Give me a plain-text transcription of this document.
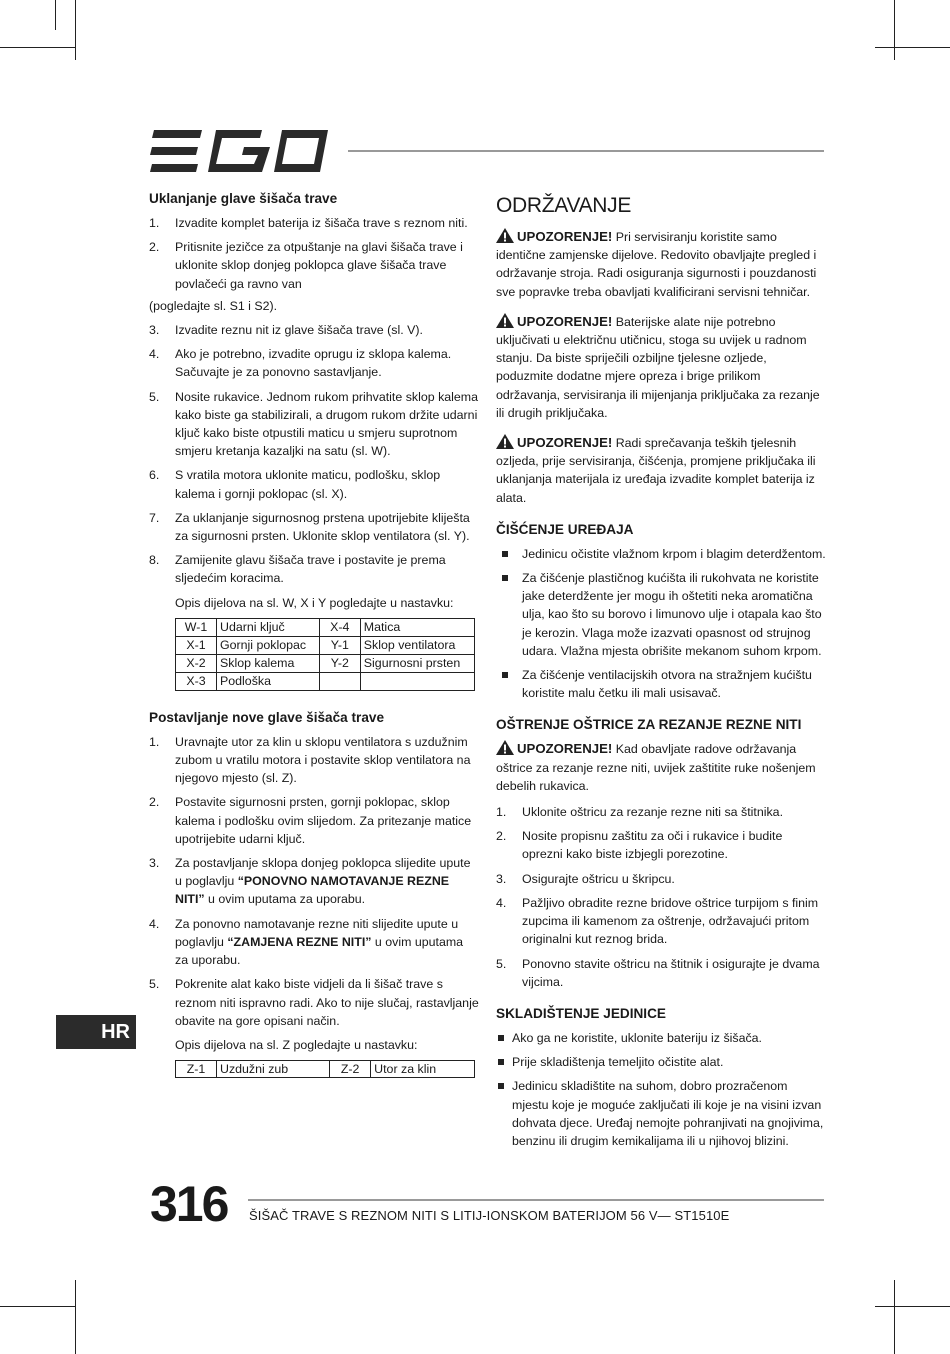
Uklanjanje glave šišača trave
1. Izvadite komplet baterija iz šišača trave s reznom niti.
2. Pritisnite jezičce za otpuštanje na glavi šišača trave i uklonite sklop donjeg poklopca glave šišača trave povlačeći ga ravno van

(pogledajte sl. S1 i S2).

3. Izvadite reznu nit iz glave šišača trave (sl. V).
4. Ako je potrebno, izvadite oprugu iz sklopa kalema. Sačuvajte je za ponovno sastavljanje.
5. Nosite rukavice. Jednom rukom prihvatite sklop kalema kako biste ga stabilizirali, a drugom rukom držite udarni ključ kako biste otpustili maticu u smjeru suprotnom smjeru kretanja kazaljki na satu (sl. W).
6. S vratila motora uklonite maticu, podlošku, sklop kalema i gornji poklopac (sl. X).
7. Za uklanjanje sigurnosnog prstena upotrijebite kliješta za sigurnosni prsten. Uklonite sklop ventilatora (sl. Y).
8. Zamijenite glavu šišača trave i postavite je prema sljedećim koracima.

Opis dijelova na sl. W, X i Y pogledajte u nastavku:

W-1	Udarni ključ	X-4	Matica
X-1	Gornji poklopac	Y-1	Sklop ventilatora
X-2	Sklop kalema	Y-2	Sigurnosni prsten
X-3	Podloška		
Postavljanje nove glave šišača trave
1. Uravnajte utor za klin u sklopu ventilatora s uzdužnim zubom u vratilu motora i postavite sklop ventilatora na njegovo mjesto (sl. Z).
2. Postavite sigurnosni prsten, gornji poklopac, sklop kalema i podlošku ovim slijedom. Za pritezanje matice upotrijebite udarni ključ.
3. Za postavljanje sklopa donjeg poklopca slijedite upute u poglavlju “PONOVNO NAMOTAVANJE REZNE NITI” u ovim uputama za uporabu.
4. Za ponovno namotavanje rezne niti slijedite upute u poglavlju “ZAMJENA REZNE NITI” u ovim uputama za uporabu.
5. Pokrenite alat kako biste vidjeli da li šišač trave s reznom niti ispravno radi. Ako to nije slučaj, rastavljanje obavite na gore opisani način.

Opis dijelova na sl. Z pogledajte u nastavku:

Z-1	Uzdužni zub	Z-2	Utor za klin
ODRŽAVANJE
UPOZORENJE! Pri servisiranju koristite samo identične zamjenske dijelove. Redovito obavljajte pregled i održavanje stroja. Radi osiguranja sigurnosti i pouzdanosti sve popravke treba obavljati kvalificirani servisni tehničar.
UPOZORENJE! Baterijske alate nije potrebno uključivati u električnu utičnicu, stoga su uvijek u radnom stanju. Da biste spriječili ozbiljne tjelesne ozljede, poduzmite dodatne mjere opreza i brige prilikom održavanja, servisiranja ili mijenjanja priključaka za rezanje ili drugih priključaka.
UPOZORENJE! Radi sprečavanja teških tjelesnih ozljeda, prije servisiranja, čišćenja, promjene priključaka ili uklanjanja materijala iz uređaja izvadite komplet baterija iz alata.
ČIŠĆENJE UREĐAJA
Jedinicu očistite vlažnom krpom i blagim deterdžentom.
Za čišćenje plastičnog kućišta ili rukohvata ne koristite jake deterdžente jer mogu ih oštetiti neka aromatična ulja, kao što su borovo i limunovo ulje i otapala kao što je kerozin. Vlaga može izazvati opasnost od strujnog udara. Vlažna mjesta obrišite mekanom suhom krpom.
Za čišćenje ventilacijskih otvora na stražnjem kućištu koristite malu četku ili mali usisavač.
OŠTRENJE OŠTRICE ZA REZANJE REZNE NITI
UPOZORENJE! Kad obavljate radove održavanja oštrice za rezanje rezne niti, uvijek zaštitite ruke nošenjem debelih rukavica.
1. Uklonite oštricu za rezanje rezne niti sa štitnika.
2. Nosite propisnu zaštitu za oči i rukavice i budite oprezni kako biste izbjegli porezotine.
3. Osigurajte oštricu u škripcu.
4. Pažljivo obradite rezne bridove oštrice turpijom s finim zupcima ili kamenom za oštrenje, održavajući pritom originalni kut reznog brida.
5. Ponovno stavite oštricu na štitnik i osigurajte je dvama vijcima.
SKLADIŠTENJE JEDINICE
Ako ga ne koristite, uklonite bateriju iz šišača.
Prije skladištenja temeljito očistite alat.
Jedinicu skladištite na suhom, dobro prozračenom mjestu koje je moguće zaključati ili koje je na visini izvan dohvata djece. Uređaj nemojte pohranjivati na gnojivima, benzinu ili drugim kemikalijama ili u njihovoj blizini.
HR
316 ŠIŠAČ TRAVE S REZNOM NITI S LITIJ-IONSKOM BATERIJOM 56 V— ST1510E
